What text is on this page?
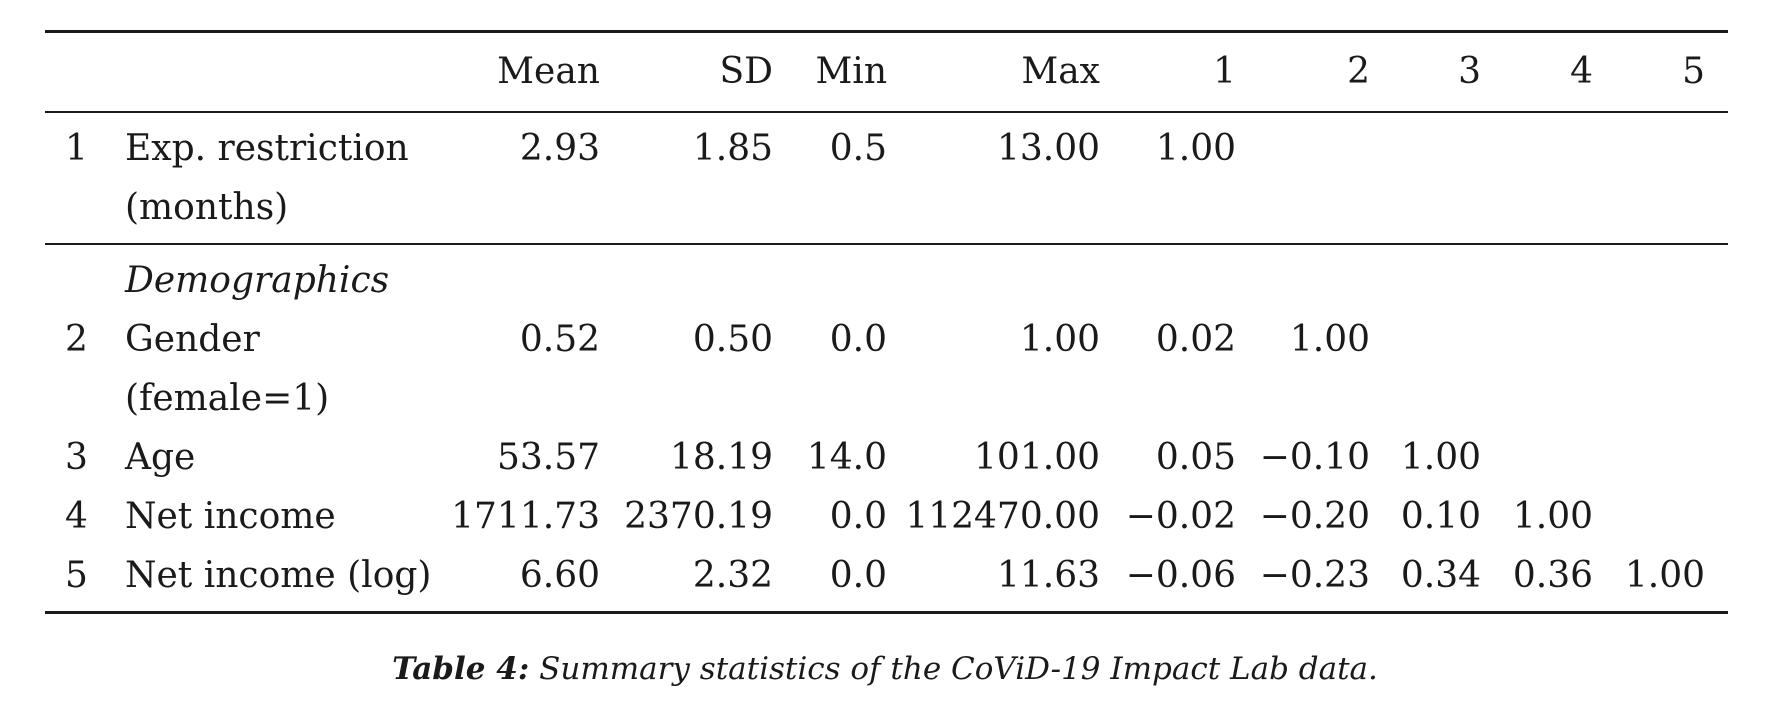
Mean	SD Min	Max	1	2 3 4 5
1	Exp. restriction	2.93	1.85 0.5	13.00 1.00
(months)
Demographics
2	Gender	0.52	0.50 0.0	1.00 0.02 1.00
(female=1)
3	Age	53.57 18.19 14.0 101.00 0.05 −0.10 1.00
4	Net income	1711.73 2370.19 0.0 112470.00 −0.02 −0.20 0.10 1.00
5	Net income (log) 6.60	2.32 0.0	11.63 −0.06 −0.23 0.34 0.36 1.00
Table 4: Summary statistics of the CoViD-19 Impact Lab data.
